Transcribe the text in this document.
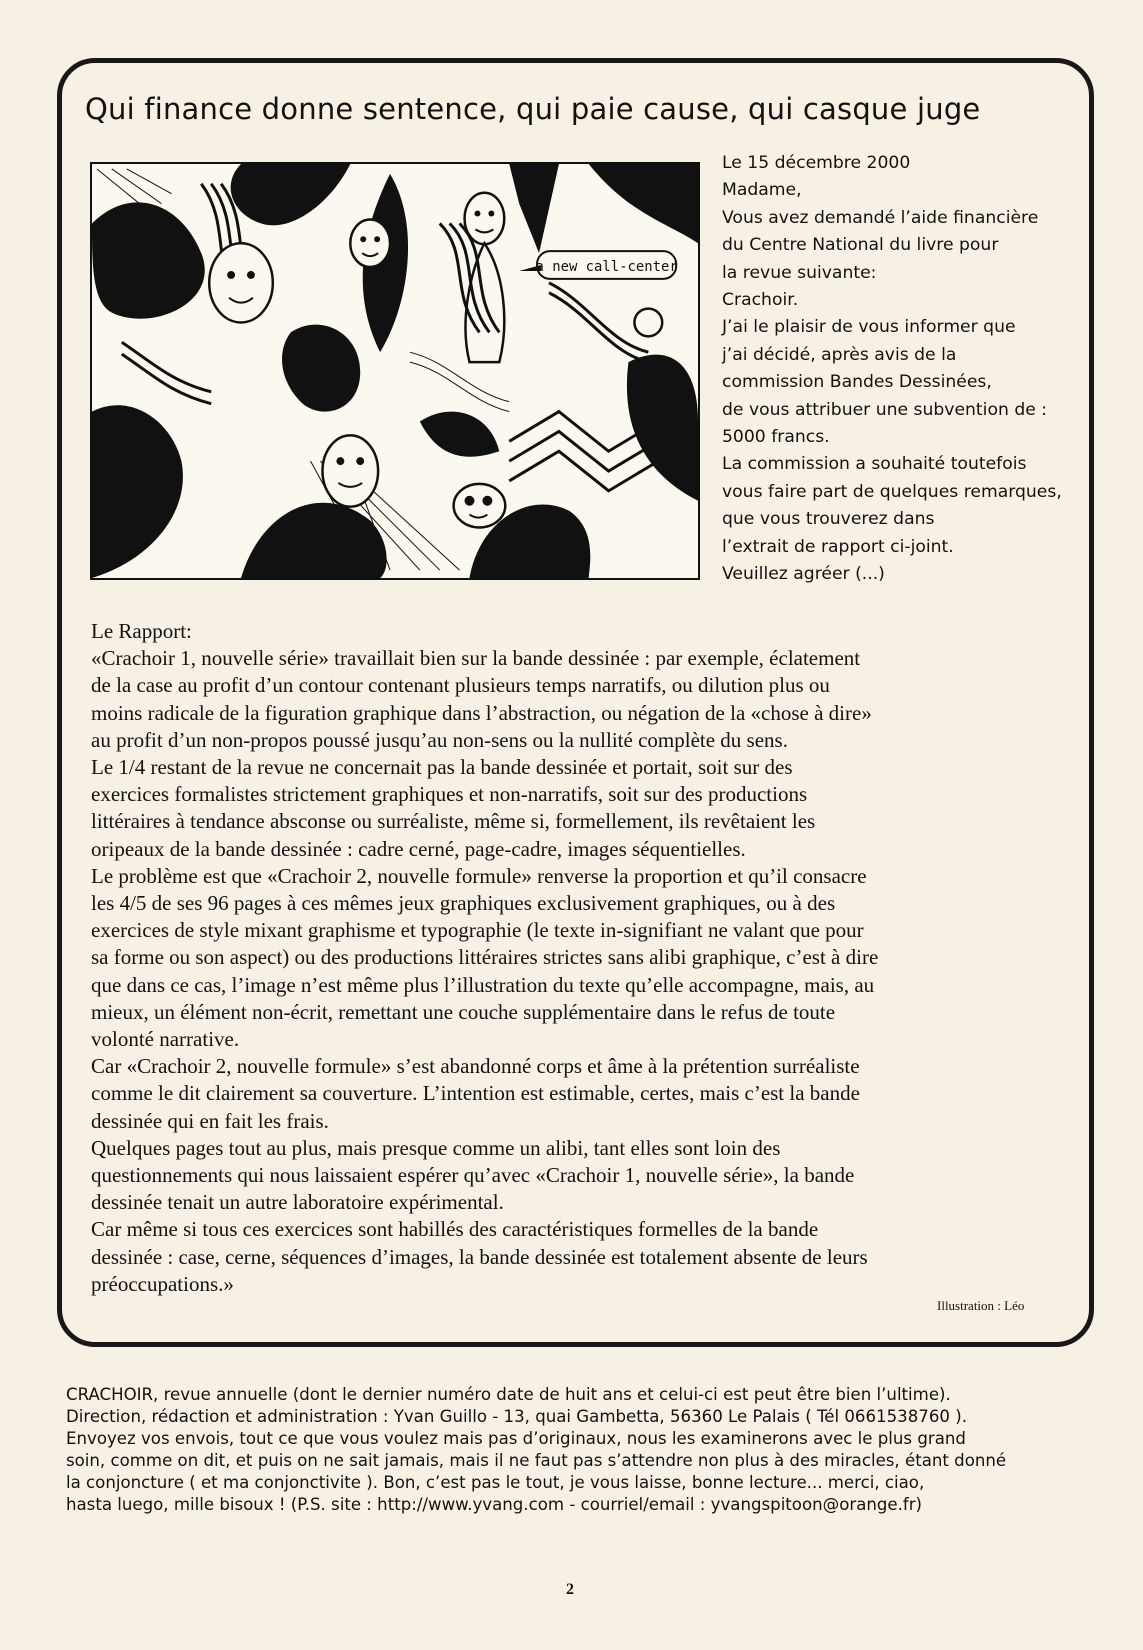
Qui finance donne sentence, qui paie cause, qui casque juge
a new call-center
Le 15 décembre 2000
Madame,
Vous avez demandé l’aide financière
du Centre National du livre pour
la revue suivante:
Crachoir.
J’ai le plaisir de vous informer que
j’ai décidé, après avis de la
commission Bandes Dessinées,
de vous attribuer une subvention de :
5000 francs.
La commission a souhaité toutefois
vous faire part de quelques remarques,
que vous trouverez dans
l’extrait de rapport ci-joint.
Veuillez agréer (...)
Le Rapport:
«Crachoir 1, nouvelle série» travaillait bien sur la bande dessinée : par exemple, éclatement
de la case au profit d’un contour contenant plusieurs temps narratifs, ou dilution plus ou
moins radicale de la figuration graphique dans l’abstraction, ou négation de la «chose à dire»
au profit d’un non-propos poussé jusqu’au non-sens ou la nullité complète du sens.
Le 1/4 restant de la revue ne concernait pas la bande dessinée et portait, soit sur des
exercices formalistes strictement graphiques et non-narratifs, soit sur des productions
littéraires à tendance absconse ou surréaliste, même si, formellement, ils revêtaient les
oripeaux de la bande dessinée : cadre cerné, page-cadre, images séquentielles.
Le problème est que «Crachoir 2, nouvelle formule» renverse la proportion et qu’il consacre
les 4/5 de ses 96 pages à ces mêmes jeux graphiques exclusivement graphiques, ou à des
exercices de style mixant graphisme et typographie (le texte in-signifiant ne valant que pour
sa forme ou son aspect) ou des productions littéraires strictes sans alibi graphique, c’est à dire
que dans ce cas, l’image n’est même plus l’illustration du texte qu’elle accompagne, mais, au
mieux, un élément non-écrit, remettant une couche supplémentaire dans le refus de toute
volonté narrative.
Car «Crachoir 2, nouvelle formule» s’est abandonné corps et âme à la prétention surréaliste
comme le dit clairement sa couverture. L’intention est estimable, certes, mais c’est la bande
dessinée qui en fait les frais.
Quelques pages tout au plus, mais presque comme un alibi, tant elles sont loin des
questionnements qui nous laissaient espérer qu’avec «Crachoir 1, nouvelle série», la bande
dessinée tenait un autre laboratoire expérimental.
Car même si tous ces exercices sont habillés des caractéristiques formelles de la bande
dessinée : case, cerne, séquences d’images, la bande dessinée est totalement absente de leurs
préoccupations.»
Illustration : Léo
CRACHOIR, revue annuelle (dont le dernier numéro date de huit ans et celui-ci est peut être bien l’ultime).
Direction, rédaction et administration : Yvan Guillo - 13, quai Gambetta, 56360 Le Palais ( Tél 0661538760 ).
Envoyez vos envois, tout ce que vous voulez mais pas d’originaux, nous les examinerons avec le plus grand
soin, comme on dit, et puis on ne sait jamais, mais il ne faut pas s’attendre non plus à des miracles, étant donné
la conjoncture ( et ma conjonctivite ). Bon, c’est pas le tout, je vous laisse, bonne lecture... merci, ciao,
hasta luego, mille bisoux ! (P.S. site : http://www.yvang.com - courriel/email : yvangspitoon@orange.fr)
2
